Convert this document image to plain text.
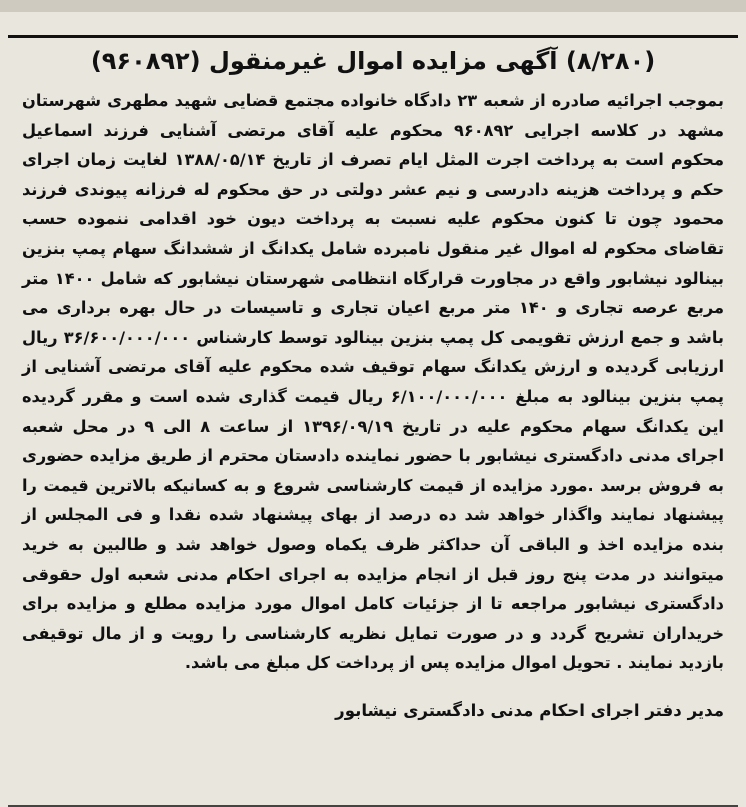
(۸/۲۸۰) آگهی مزایده اموال غیرمنقول (۹۶۰۸۹۲)

بموجب اجرائیه صادره از شعبه ۲۳ دادگاه خانواده مجتمع قضایی شهید مطهری شهرستان مشهد در کلاسه اجرایی ۹۶۰۸۹۲ محکوم علیه آقای مرتضی آشنایی فرزند اسماعیل محکوم است به پرداخت اجرت المثل ایام تصرف از تاریخ ۱۳۸۸/۰۵/۱۴ لغایت زمان اجرای حکم و پرداخت هزینه دادرسی و نیم عشر دولتی در حق محکوم له فرزانه پیوندی فرزند محمود چون تا کنون محکوم علیه نسبت به پرداخت دیون خود اقدامی ننموده حسب تقاضای محکوم له اموال غیر منقول نامبرده شامل یکدانگ از ششدانگ سهام پمپ بنزین بینالود نیشابور واقع در مجاورت قرارگاه انتظامی شهرستان نیشابور که شامل ۱۴۰۰ متر مربع عرصه تجاری و ۱۴۰ متر مربع اعیان تجاری و تاسیسات در حال بهره برداری می باشد و جمع ارزش تقویمی کل پمپ بنزین بینالود توسط کارشناس ۳۶/۶۰۰/۰۰۰/۰۰۰ ریال ارزیابی گردیده و ارزش یکدانگ سهام توقیف شده محکوم علیه آقای مرتضی آشنایی از پمپ بنزین بینالود به مبلغ ۶/۱۰۰/۰۰۰/۰۰۰ ریال قیمت گذاری شده است و مقرر گردیده این یکدانگ سهام محکوم علیه در تاریخ ۱۳۹۶/۰۹/۱۹ از ساعت ۸ الی ۹ در محل شعبه اجرای مدنی دادگستری نیشابور با حضور نماینده دادستان محترم از طریق مزایده حضوری به فروش برسد .مورد مزایده از قیمت کارشناسی شروع و به کسانیکه بالاترین قیمت را پیشنهاد نمایند واگذار خواهد شد ده درصد از بهای پیشنهاد شده نقدا و فی المجلس از بنده مزایده اخذ و الباقی آن حداکثر ظرف یکماه وصول خواهد شد و طالبین به خرید میتوانند در مدت پنج روز قبل از انجام مزایده به اجرای احکام مدنی شعبه اول حقوقی دادگستری نیشابور مراجعه تا از جزئیات کامل اموال مورد مزایده مطلع و مزایده برای خریداران تشریح گردد و در صورت تمایل نظریه کارشناسی را رویت و از مال توقیفی بازدید نمایند . تحویل اموال مزایده پس از پرداخت کل مبلغ می باشد.

مدیر دفتر اجرای احکام مدنی دادگستری نیشابور
